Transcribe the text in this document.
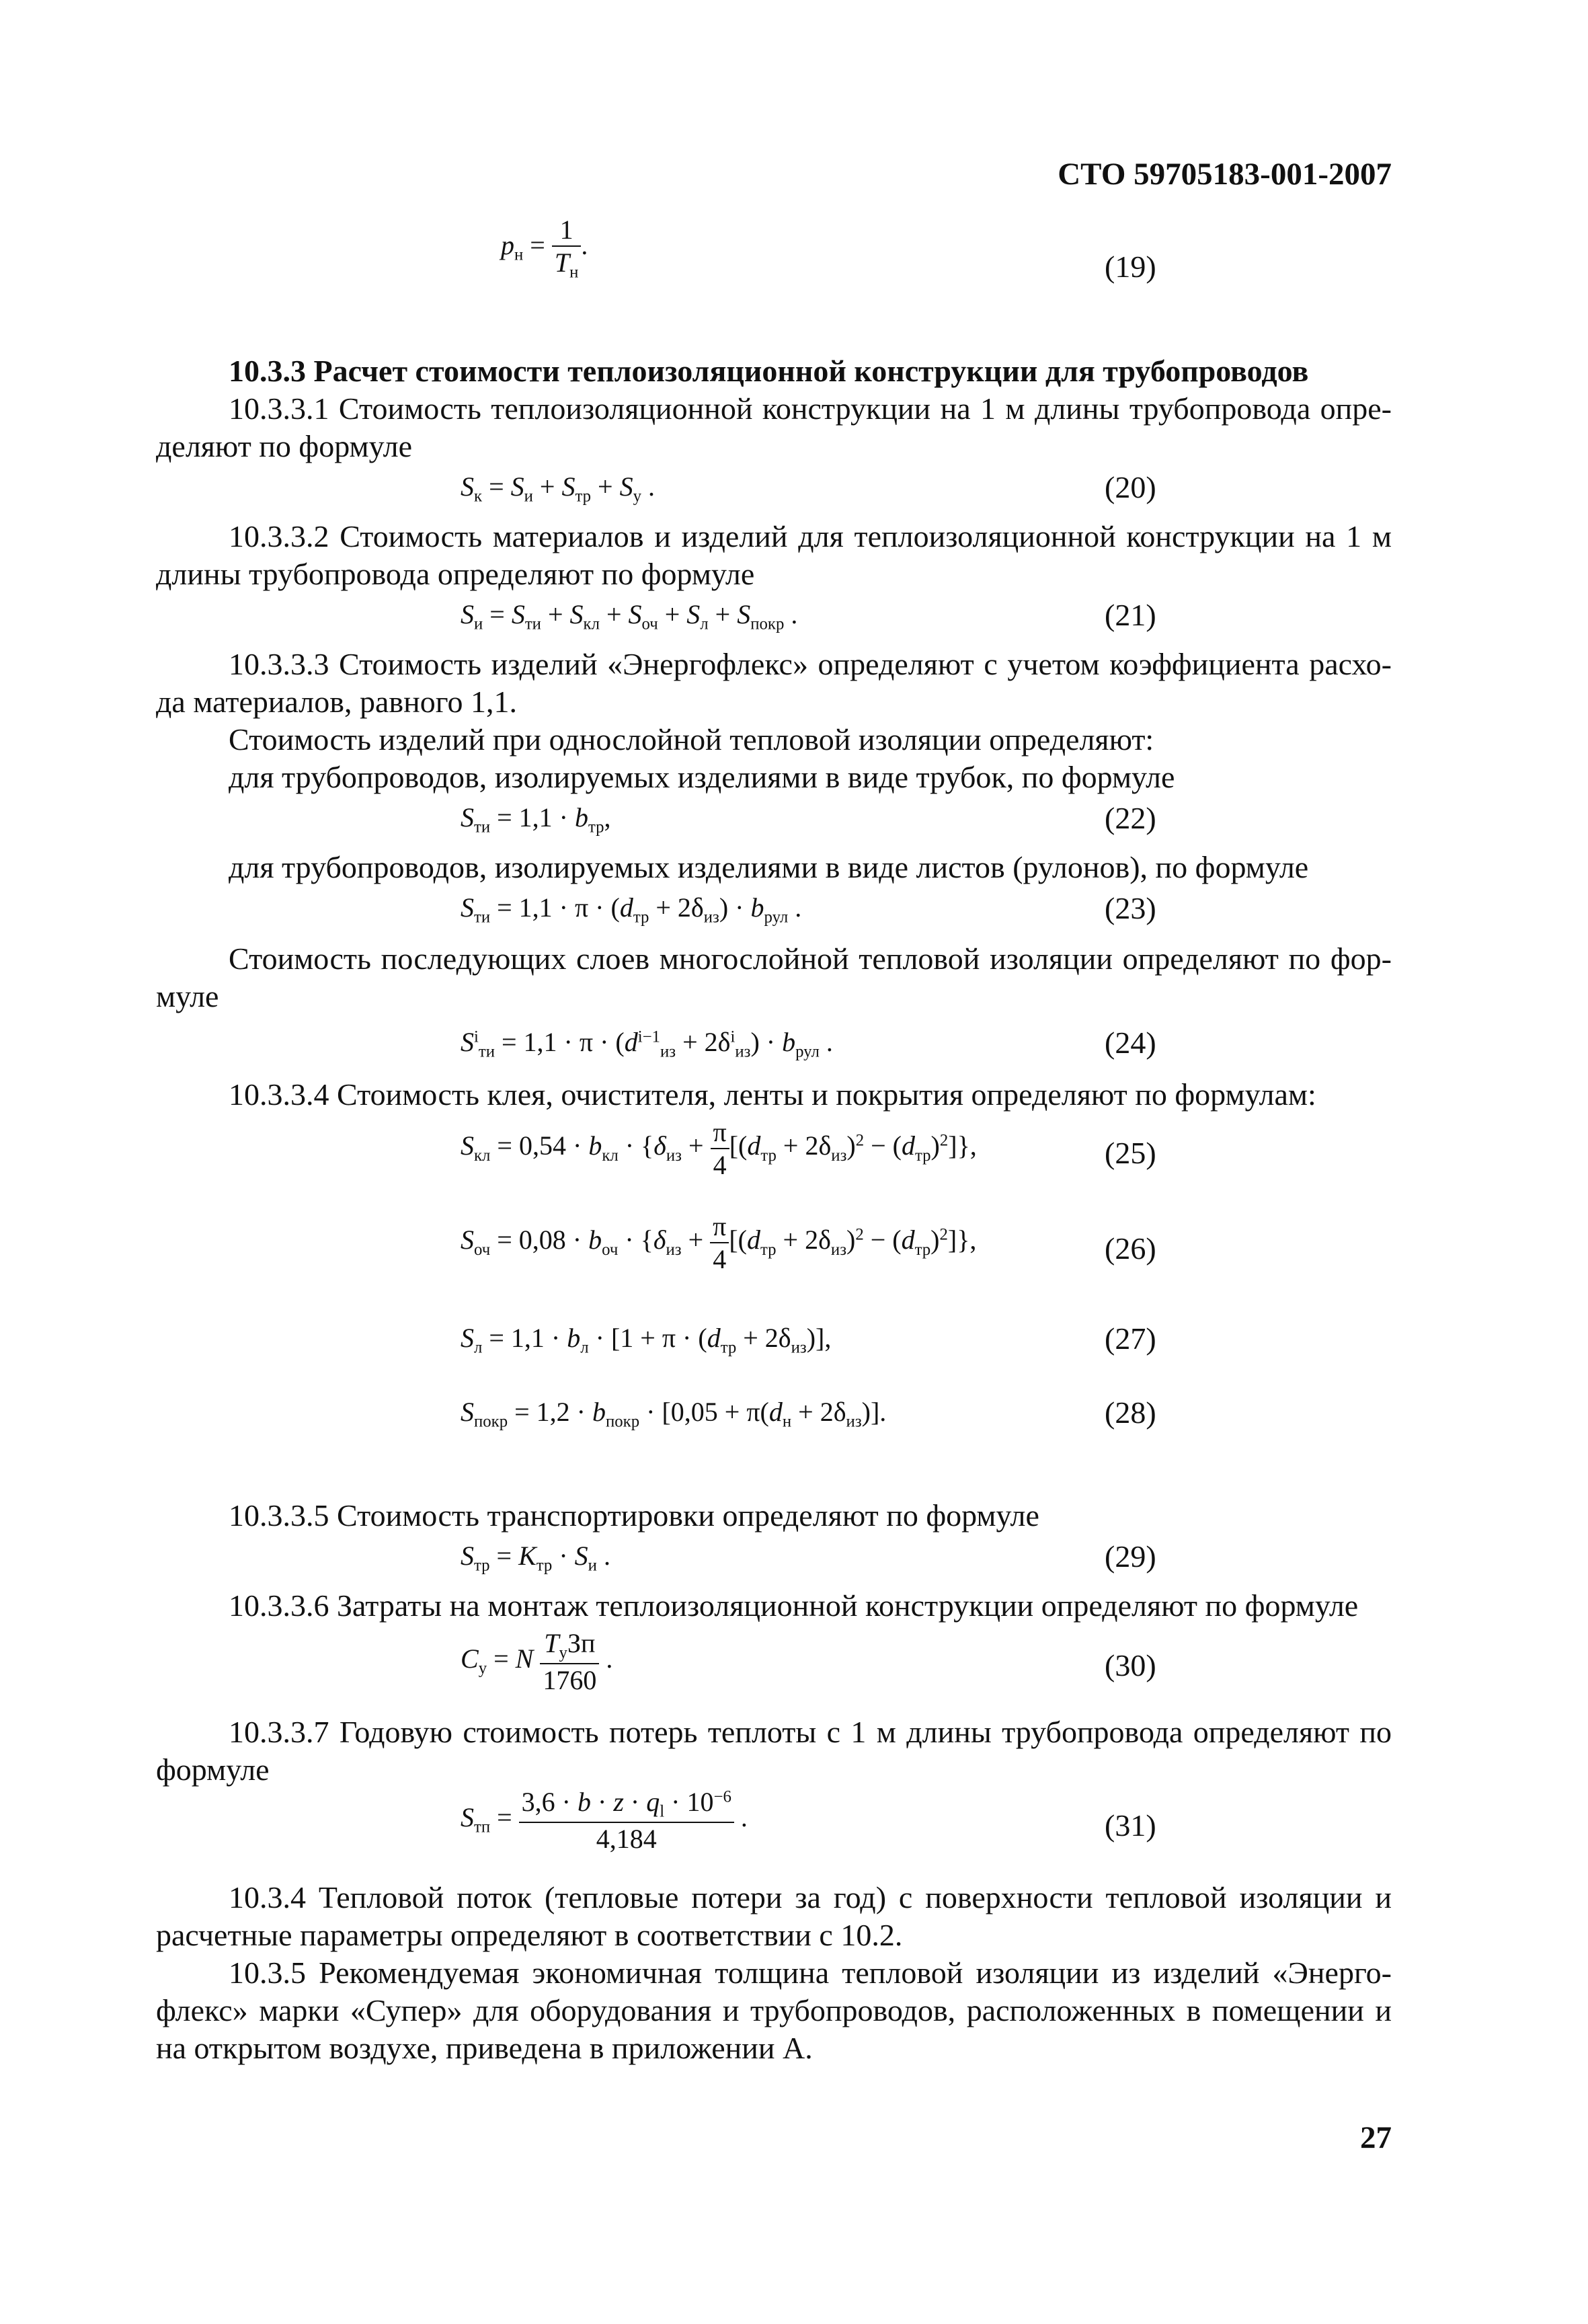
СТО 59705183-001-2007
$p_н = \frac{1}{T_н}$ .
(19)
10.3.3 Расчет стоимости теплоизоляционной конструкции для трубопроводов
10.3.3.1 Стоимость теплоизоляционной конструкции на 1 м длины трубопровода опре-
деляют по формуле
$S_к = S_и + S_{тр} + S_у$ .	(20)
10.3.3.2 Стоимость материалов и изделий для теплоизоляционной конструкции на 1 м
длины трубопровода определяют по формуле
$S_и = S_{ти} + S_{кл} + S_{оч} + S_л + S_{покр}$ .	(21)
10.3.3.3 Стоимость изделий «Энергофлекс» определяют с учетом коэффициента расхо-
да материалов, равного 1,1.
Стоимость изделий при однослойной тепловой изоляции определяют:
для трубопроводов, изолируемых изделиями в виде трубок, по формуле
$S_{ти} = 1,1 \cdot b_{тр}$,	(22)
для трубопроводов, изолируемых изделиями в виде листов (рулонов), по формуле
$S_{ти} = 1,1 \cdot \pi \cdot (d_{тр} + 2\delta_{из}) \cdot b_{рул}$ .	(23)
Стоимость последующих слоев многослойной тепловой изоляции определяют по фор-
муле
$S^i_{ти} = 1,1 \cdot \pi \cdot (d^{i-1}_{из} + 2\delta^i_{из}) \cdot b_{рул}$ .	(24)
10.3.3.4 Стоимость клея, очистителя, ленты и покрытия определяют по формулам:
$S_{кл} = 0,54 \cdot b_{кл} \cdot \{\delta_{из} + \frac{\pi}{4} [(d_{тр} + 2\delta_{из})^2 - (d_{тр})^2]\}$,	(25)
$S_{оч} = 0,08 \cdot b_{оч} \cdot \{\delta_{из} + \frac{\pi}{4} [(d_{тр} + 2\delta_{из})^2 - (d_{тр})^2]\}$,	(26)
$S_л = 1,1 \cdot b_л \cdot [1 + \pi \cdot (d_{тр} + 2\delta_{из})]$,	(27)
$S_{покр} = 1,2 \cdot b_{покр} \cdot [0,05 + \pi(d_н + 2\delta_{из})]$.	(28)
10.3.3.5 Стоимость транспортировки определяют по формуле
$S_{тр} = K_{тр} \cdot S_и$ .	(29)
10.3.3.6 Затраты на монтаж теплоизоляционной конструкции определяют по формуле
$C_у = N \frac{T_уЗп}{1760}$ .	(30)
10.3.3.7 Годовую стоимость потерь теплоты с 1 м длины трубопровода определяют по
формуле
$S_{тп} = \frac{3,6 \cdot b \cdot z \cdot q_l \cdot 10^{-6}}{4,184}$ .	(31)
10.3.4 Тепловой поток (тепловые потери за год) с поверхности тепловой изоляции и
расчетные параметры определяют в соответствии с 10.2.
10.3.5 Рекомендуемая экономичная толщина тепловой изоляции из изделий «Энерго-
флекс» марки «Супер» для оборудования и трубопроводов, расположенных в помещении и
на открытом воздухе, приведена в приложении А.
27
